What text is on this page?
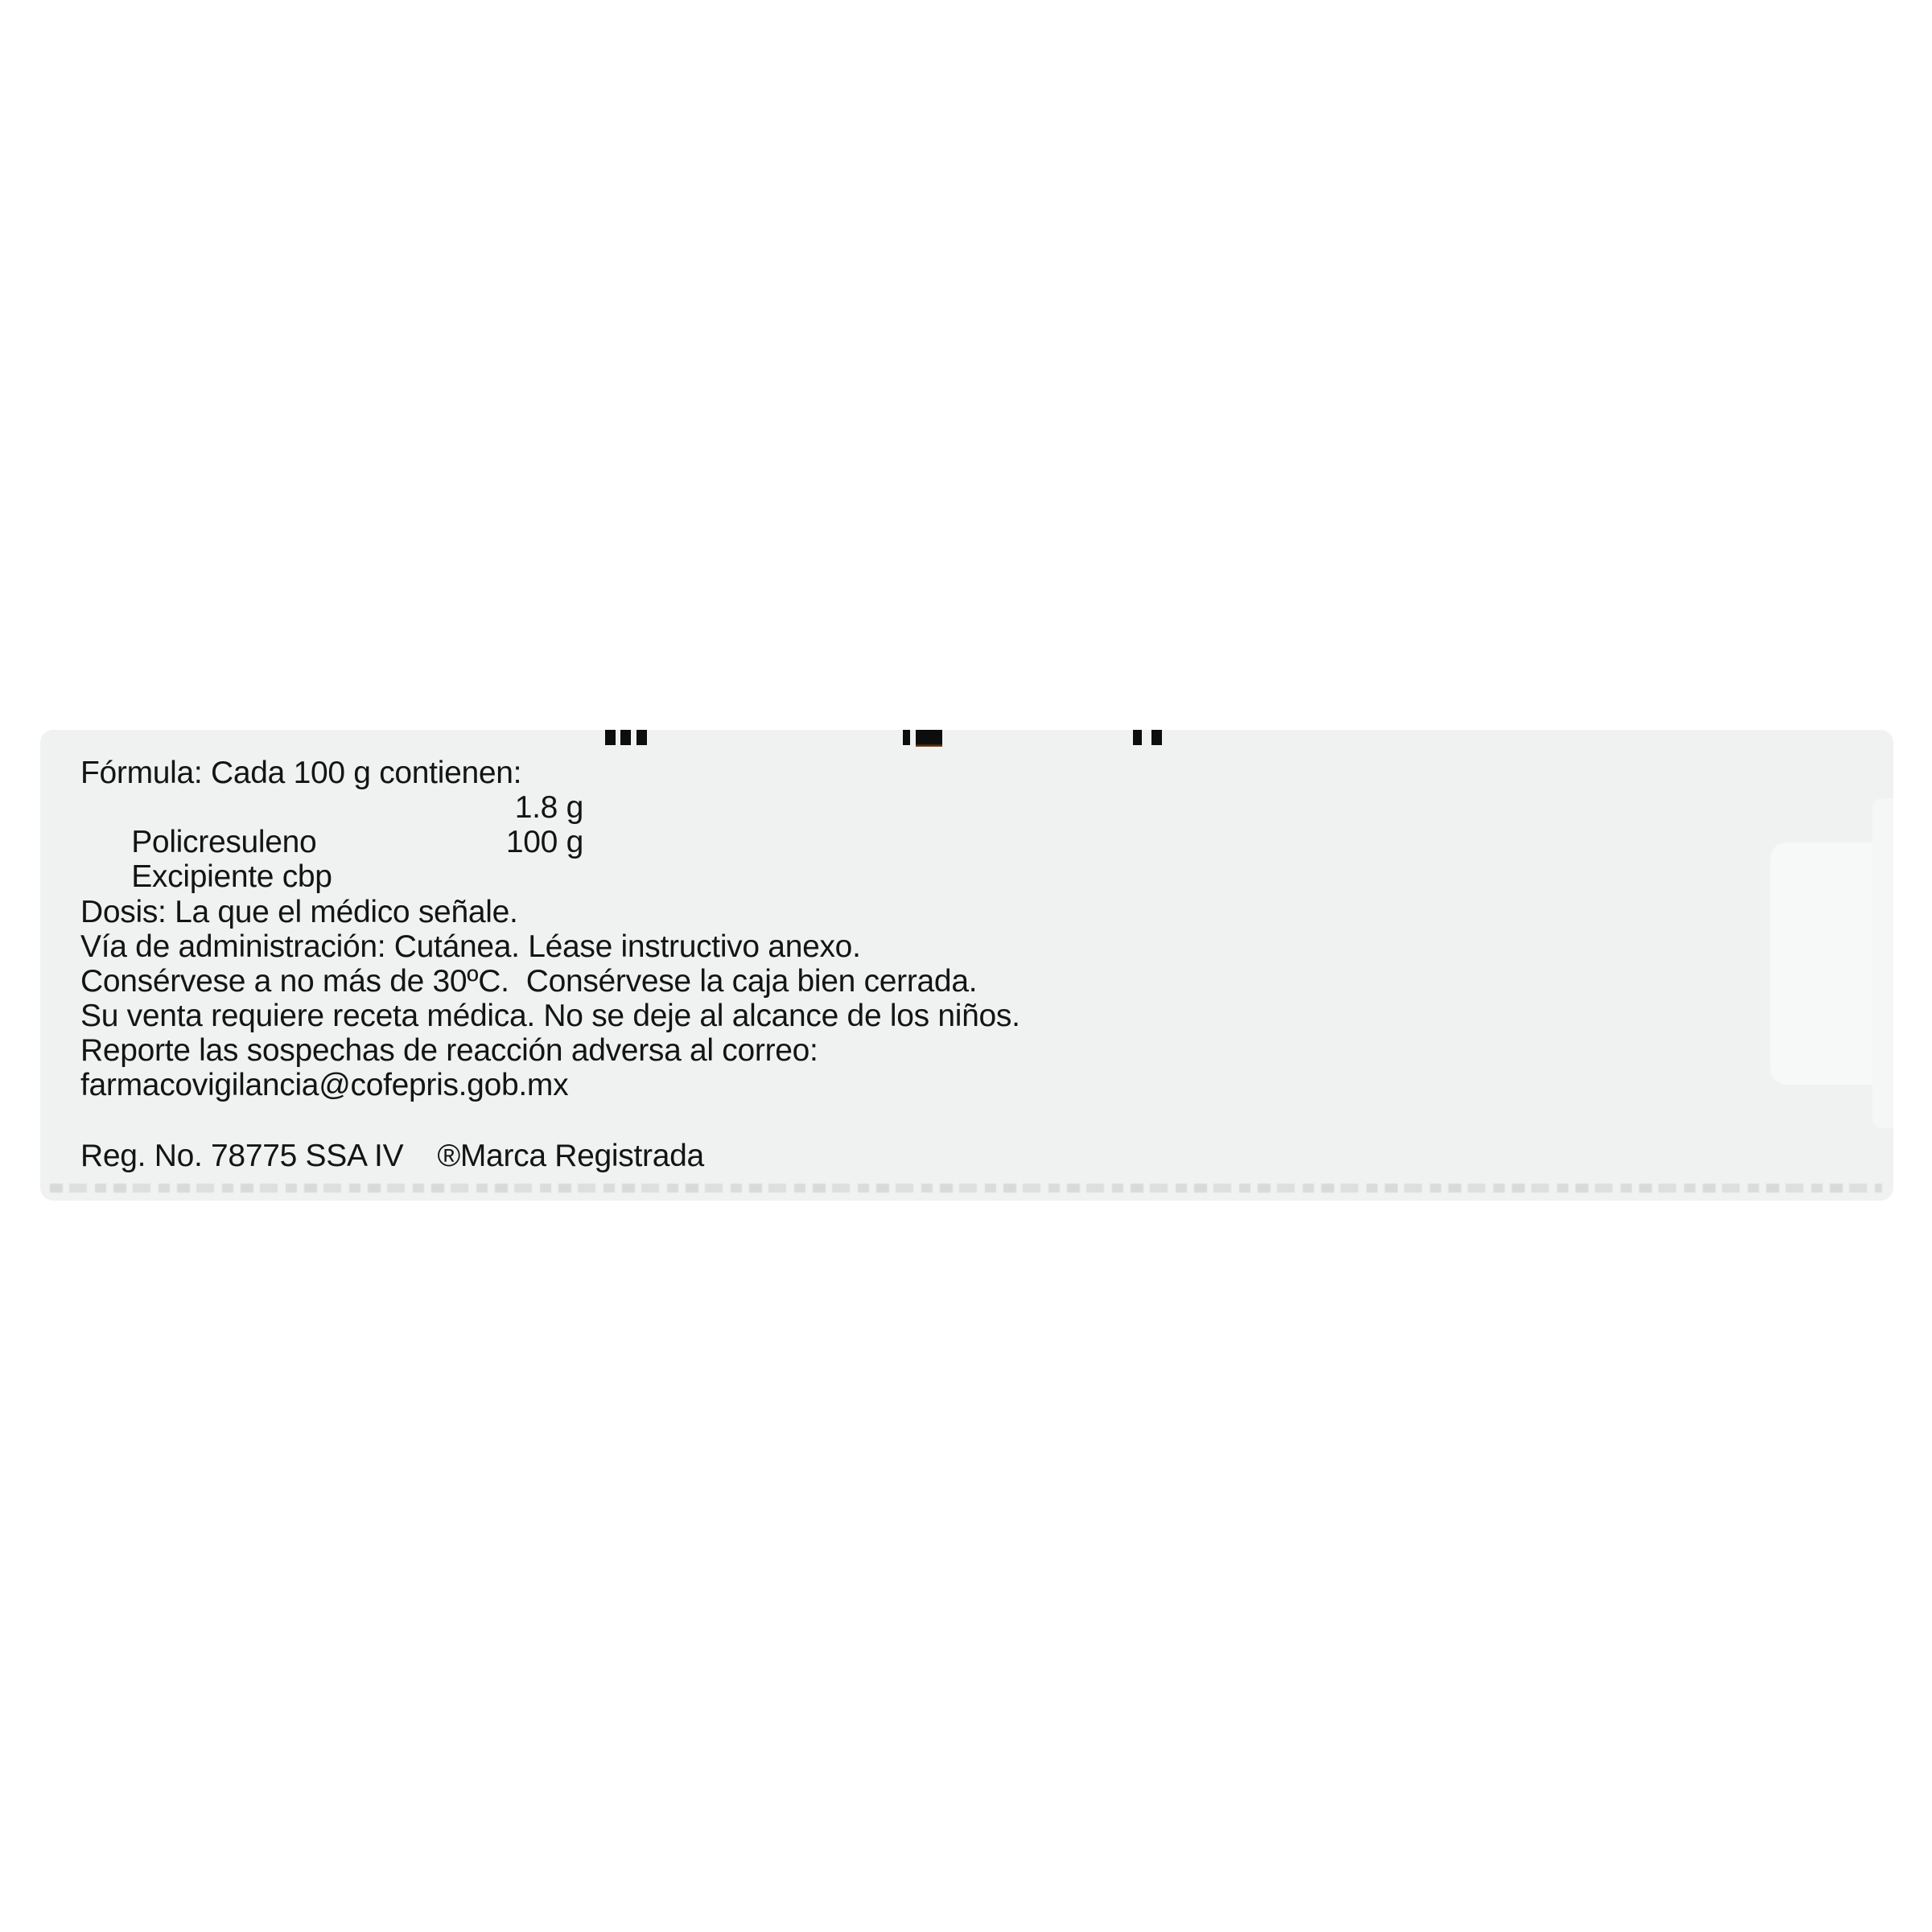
Fórmula: Cada 100 g contienen:

Policresuleno

1.8 g

Excipiente cbp

100 g

Dosis: La que el médico señale.
Vía de administración: Cutánea. Léase instructivo anexo.
Consérvese a no más de 30ºC.  Consérvese la caja bien cerrada.
Su venta requiere receta médica. No se deje al alcance de los niños.
Reporte las sospechas de reacción adversa al correo:
farmacovigilancia@cofepris.gob.mx
Reg. No. 78775 SSA IV    ®Marca Registrada
